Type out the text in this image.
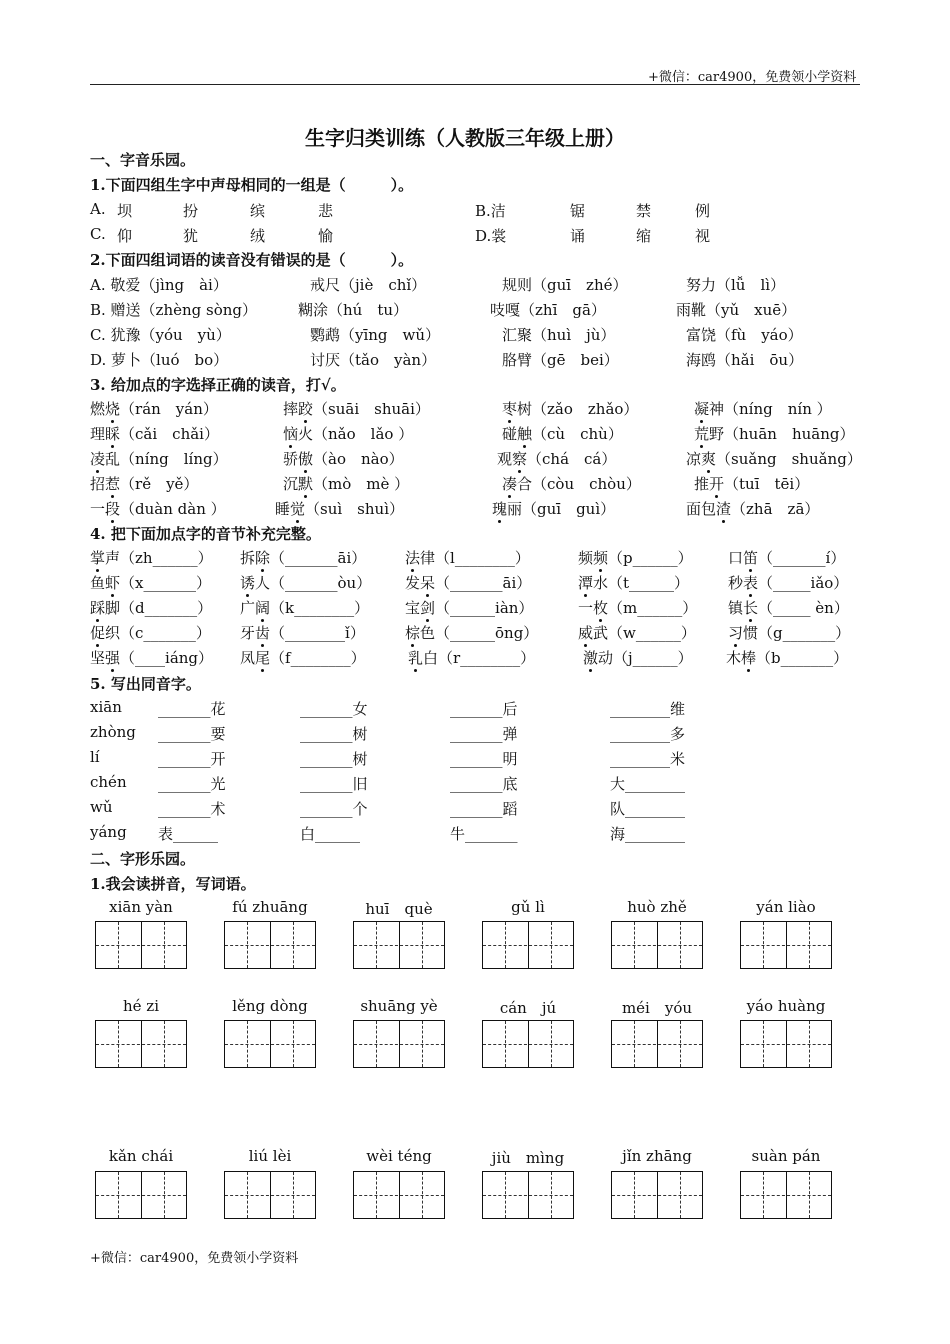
+微信：car4900，免费领小学资料
生字归类训练（人教版三年级上册）
一、字音乐园。
1.下面四组生字中声母相同的一组是（　　　）。
A. 坝	扮	缤	悲	B.洁	锯	禁	例
C. 仰	犹	绒	愉	D.裳	诵	缩	视
2.下面四组词语的读音没有错误的是（　　　）。
A. 敬爱（jìng　ài）	戒尺（jiè　chǐ）	规则（guī　zhé）	努力（lǚ　lì）
B. 赠送（zhèng sòng）	糊涂（hú　tu）	吱嘎（zhī　gā）	雨靴（yǔ　xuē）
C. 犹豫（yóu　yù）	鹦鹉（yīng　wǔ）	汇聚（huì　jù）	富饶（fù　yáo）
D. 萝卜（luó　bo）	讨厌（tǎo　yàn）	胳臂（gē　bei）	海鸥（hǎi　ōu）
3. 给加点的字选择正确的读音，打√。
燃烧（rán　yán）	摔跤（suāi　shuāi）	枣树（zǎo　zhǎo）	凝神（níng　nín ）
理睬（cǎi　chǎi）	恼火（nǎo　lǎo ）	碰触（cù　chù）	荒野（huān　huāng）
凌乱（níng　líng）	骄傲（ào　nào）	观察（chá　cá）	凉爽（suǎng　shuǎng）
招惹（rě　yě）	沉默（mò　mè ）	凑合（còu　chòu）	推开（tuī　tēi）
一段（duàn dàn ）	睡觉（suì　shuì）	瑰丽（guī　guì）	面包渣（zhā　zā）
4. 把下面加点字的音节补充完整。
掌声（zh______） 拆除（_______āi）	法律（l________）	频频（p______） 口笛（_______í）
鱼虾（x_______） 诱人（_______òu） 发呆（_______āi）	潭水（t______）	秒表（_____iǎo）
踩脚（d_______） 广阔（k________） 宝剑（______iàn）	一枚（m______） 镇长（_____ èn）
促织（c_______） 牙齿（________ǐ）	棕色（______ōng）	威武（w______） 习惯（g_______）
坚强（____iáng） 凤尾（f________）	乳白（r________）	激动（j______） 木棒（b_______）
5. 写出同音字。
xiān _______花	_______女	_______后	________维
zhòng _______要	_______树	_______弹	________多
lí	_______开	_______树	_______明	________米
chén _______光	_______旧	_______底	大________
wǔ	_______术	_______个	_______蹈	队________
yáng 表______	白______	牛_______	海________
二、字形乐园。
1.我会读拼音，写词语。
xiān yàn	fú zhuāng	huī　què	gǔ lì	huò zhě	yán liào
hé zi	lěng dòng	shuāng yè	cán　jú	méi　yóu	yáo huàng
kǎn chái	liú lèi	wèi téng	jiù　mìng	jǐn zhāng	suàn pán
+微信：car4900，免费领小学资料
